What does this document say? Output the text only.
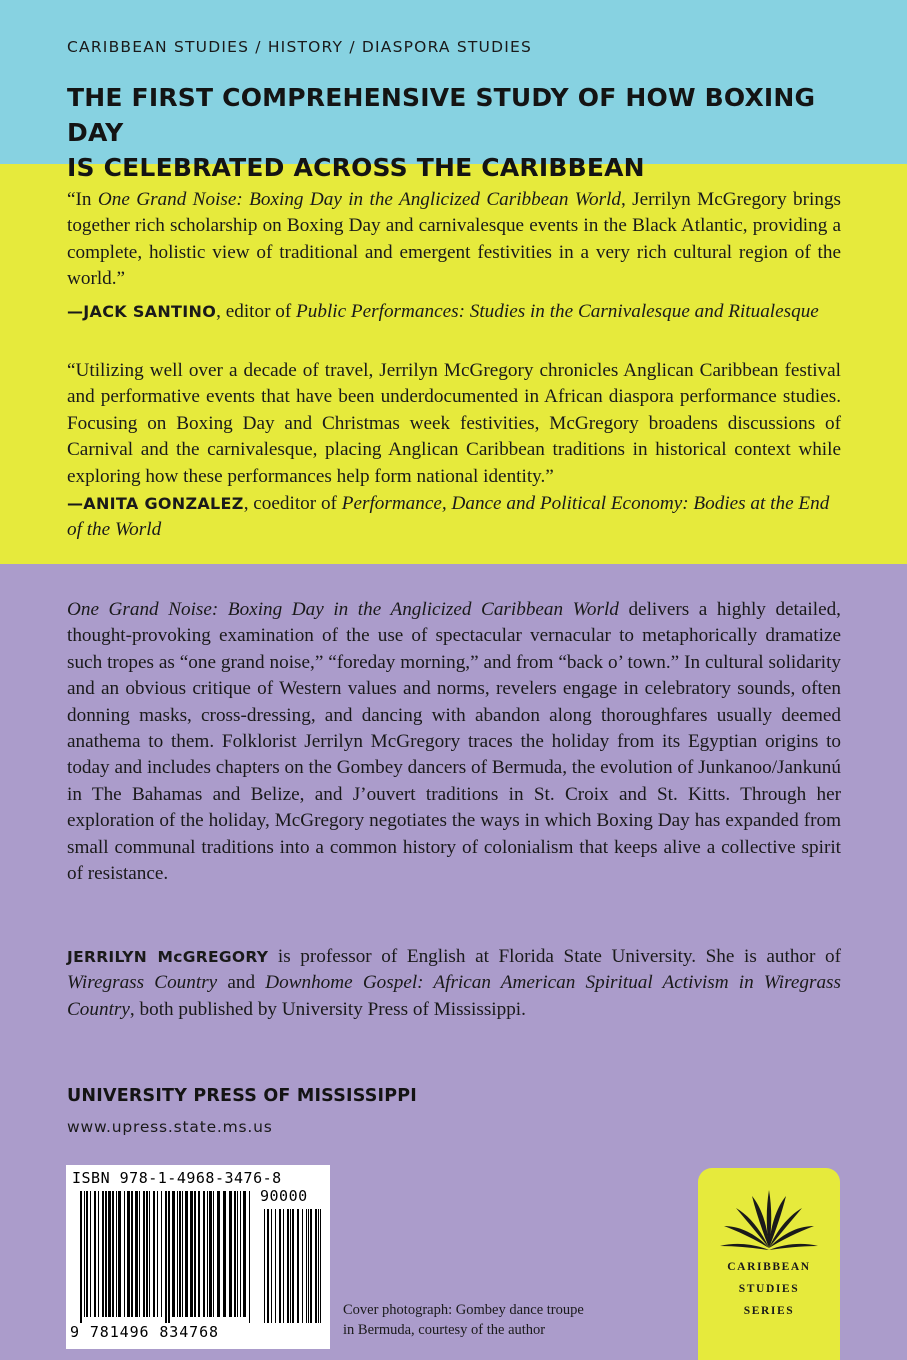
CARIBBEAN STUDIES / HISTORY / DIASPORA STUDIES
THE FIRST COMPREHENSIVE STUDY OF HOW BOXING DAY
IS CELEBRATED ACROSS THE CARIBBEAN
“In One Grand Noise: Boxing Day in the Anglicized Caribbean World, Jerrilyn McGregory brings together rich scholarship on Boxing Day and carnivalesque events in the Black Atlantic, providing a complete, holistic view of traditional and emergent festivities in a very rich cultural region of the world.”
—JACK SANTINO, editor of Public Performances: Studies in the Carnivalesque and Ritualesque
“Utilizing well over a decade of travel, Jerrilyn McGregory chronicles Anglican Caribbean festival and performative events that have been underdocumented in African diaspora performance studies. Focusing on Boxing Day and Christmas week festivities, McGregory broadens discussions of Carnival and the carnivalesque, placing Anglican Caribbean traditions in historical context while exploring how these performances help form national identity.”
—ANITA GONZALEZ, coeditor of Performance, Dance and Political Economy: Bodies at the End of the World
One Grand Noise: Boxing Day in the Anglicized Caribbean World delivers a highly detailed, thought-provoking examination of the use of spectacular vernacular to metaphorically dramatize such tropes as “one grand noise,” “foreday morning,” and from “back o’ town.” In cultural solidarity and an obvious critique of Western values and norms, revelers engage in celebratory sounds, often donning masks, cross-dressing, and dancing with abandon along thoroughfares usually deemed anathema to them. Folklorist Jerrilyn McGregory traces the holiday from its Egyptian origins to today and includes chapters on the Gombey dancers of Bermuda, the evolution of Junkanoo/Jankunú in The Bahamas and Belize, and J’ouvert traditions in St. Croix and St. Kitts. Through her exploration of the holiday, McGregory negotiates the ways in which Boxing Day has expanded from small communal traditions into a common history of colonialism that keeps alive a collective spirit of resistance.
JERRILYN McGREGORY is professor of English at Florida State University. She is author of Wiregrass Country and Downhome Gospel: African American Spiritual Activism in Wiregrass Country, both published by University Press of Mississippi.
UNIVERSITY PRESS OF MISSISSIPPI
www.upress.state.ms.us
ISBN 978-1-4968-3476-8
90000
9 781496 834768
Cover photograph: Gombey dance troupe
in Bermuda, courtesy of the author
CARIBBEAN
STUDIES
SERIES
